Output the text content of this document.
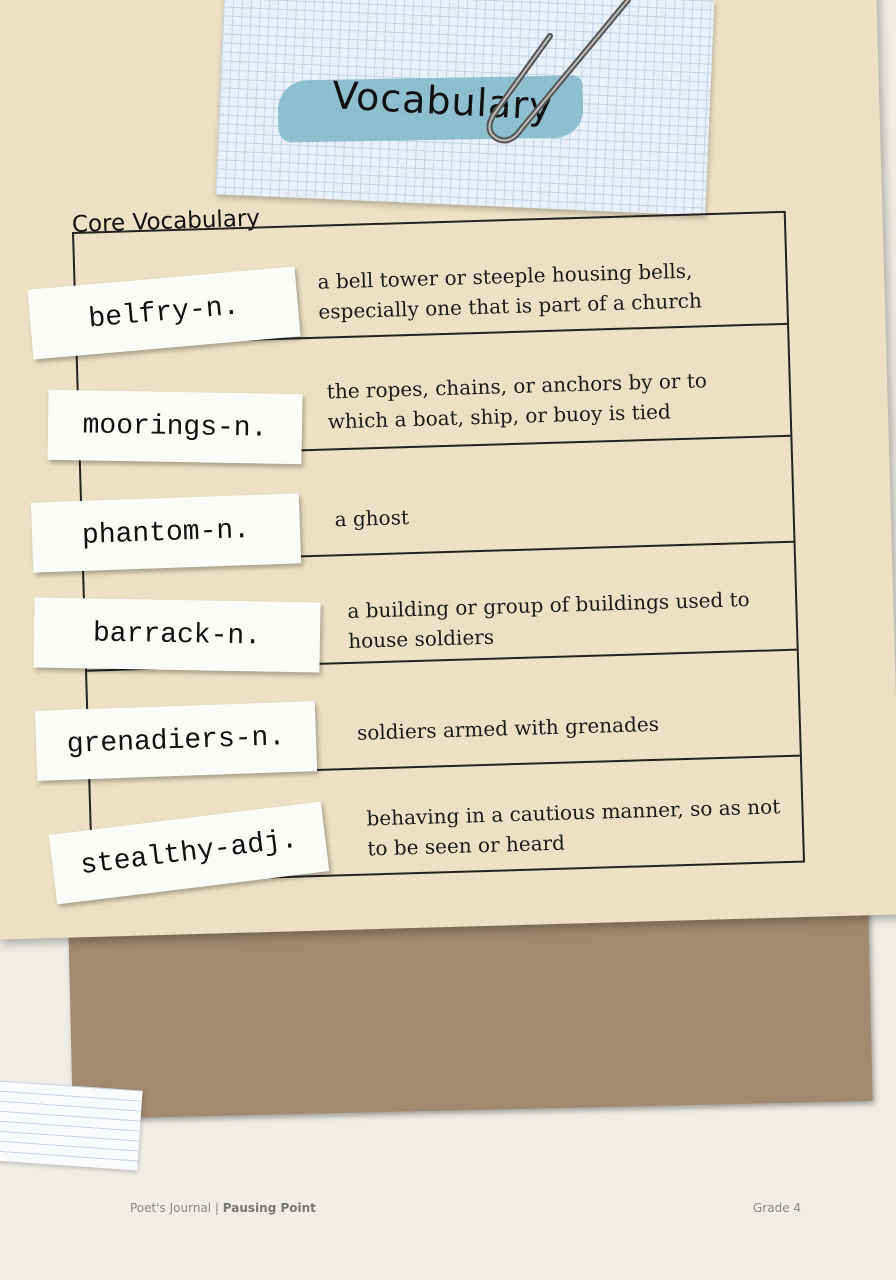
Vocabulary
Core Vocabulary
a bell tower or steeple housing bells, especially one that is part of a church
the ropes, chains, or anchors by or to which a boat, ship, or buoy is tied
a ghost
a building or group of buildings used to house soldiers
soldiers armed with grenades
behaving in a cautious manner, so as not to be seen or heard
belfry-n.
moorings-n.
phantom-n.
barrack-n.
grenadiers-n.
stealthy-adj.
Poet's Journal | Pausing Point	Grade 4
